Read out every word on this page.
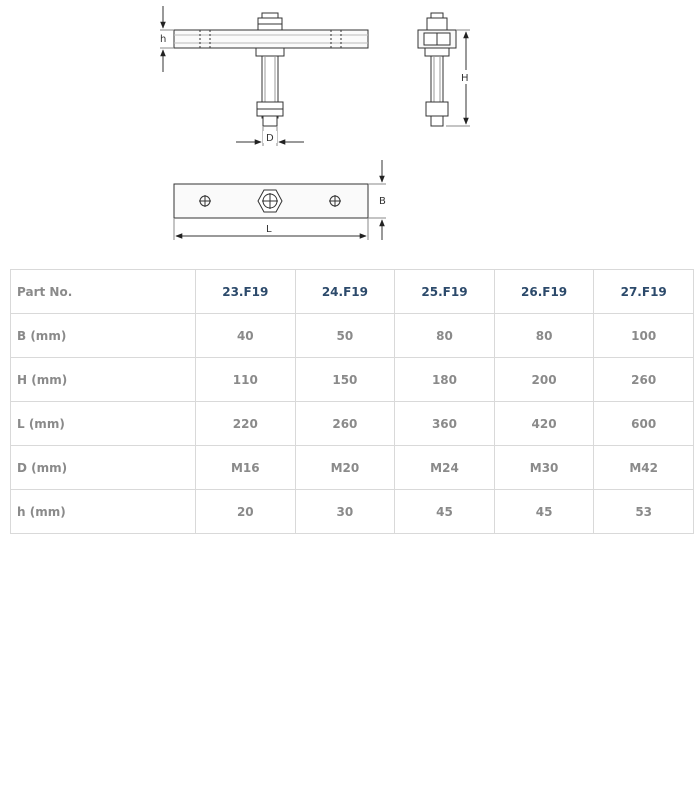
h
D
H
B
L
Part No.	23.F19	24.F19	25.F19	26.F19	27.F19
B (mm)	40	50	80	80	100
H (mm)	110	150	180	200	260
L (mm)	220	260	360	420	600
D (mm)	M16	M20	M24	M30	M42
h (mm)	20	30	45	45	53
